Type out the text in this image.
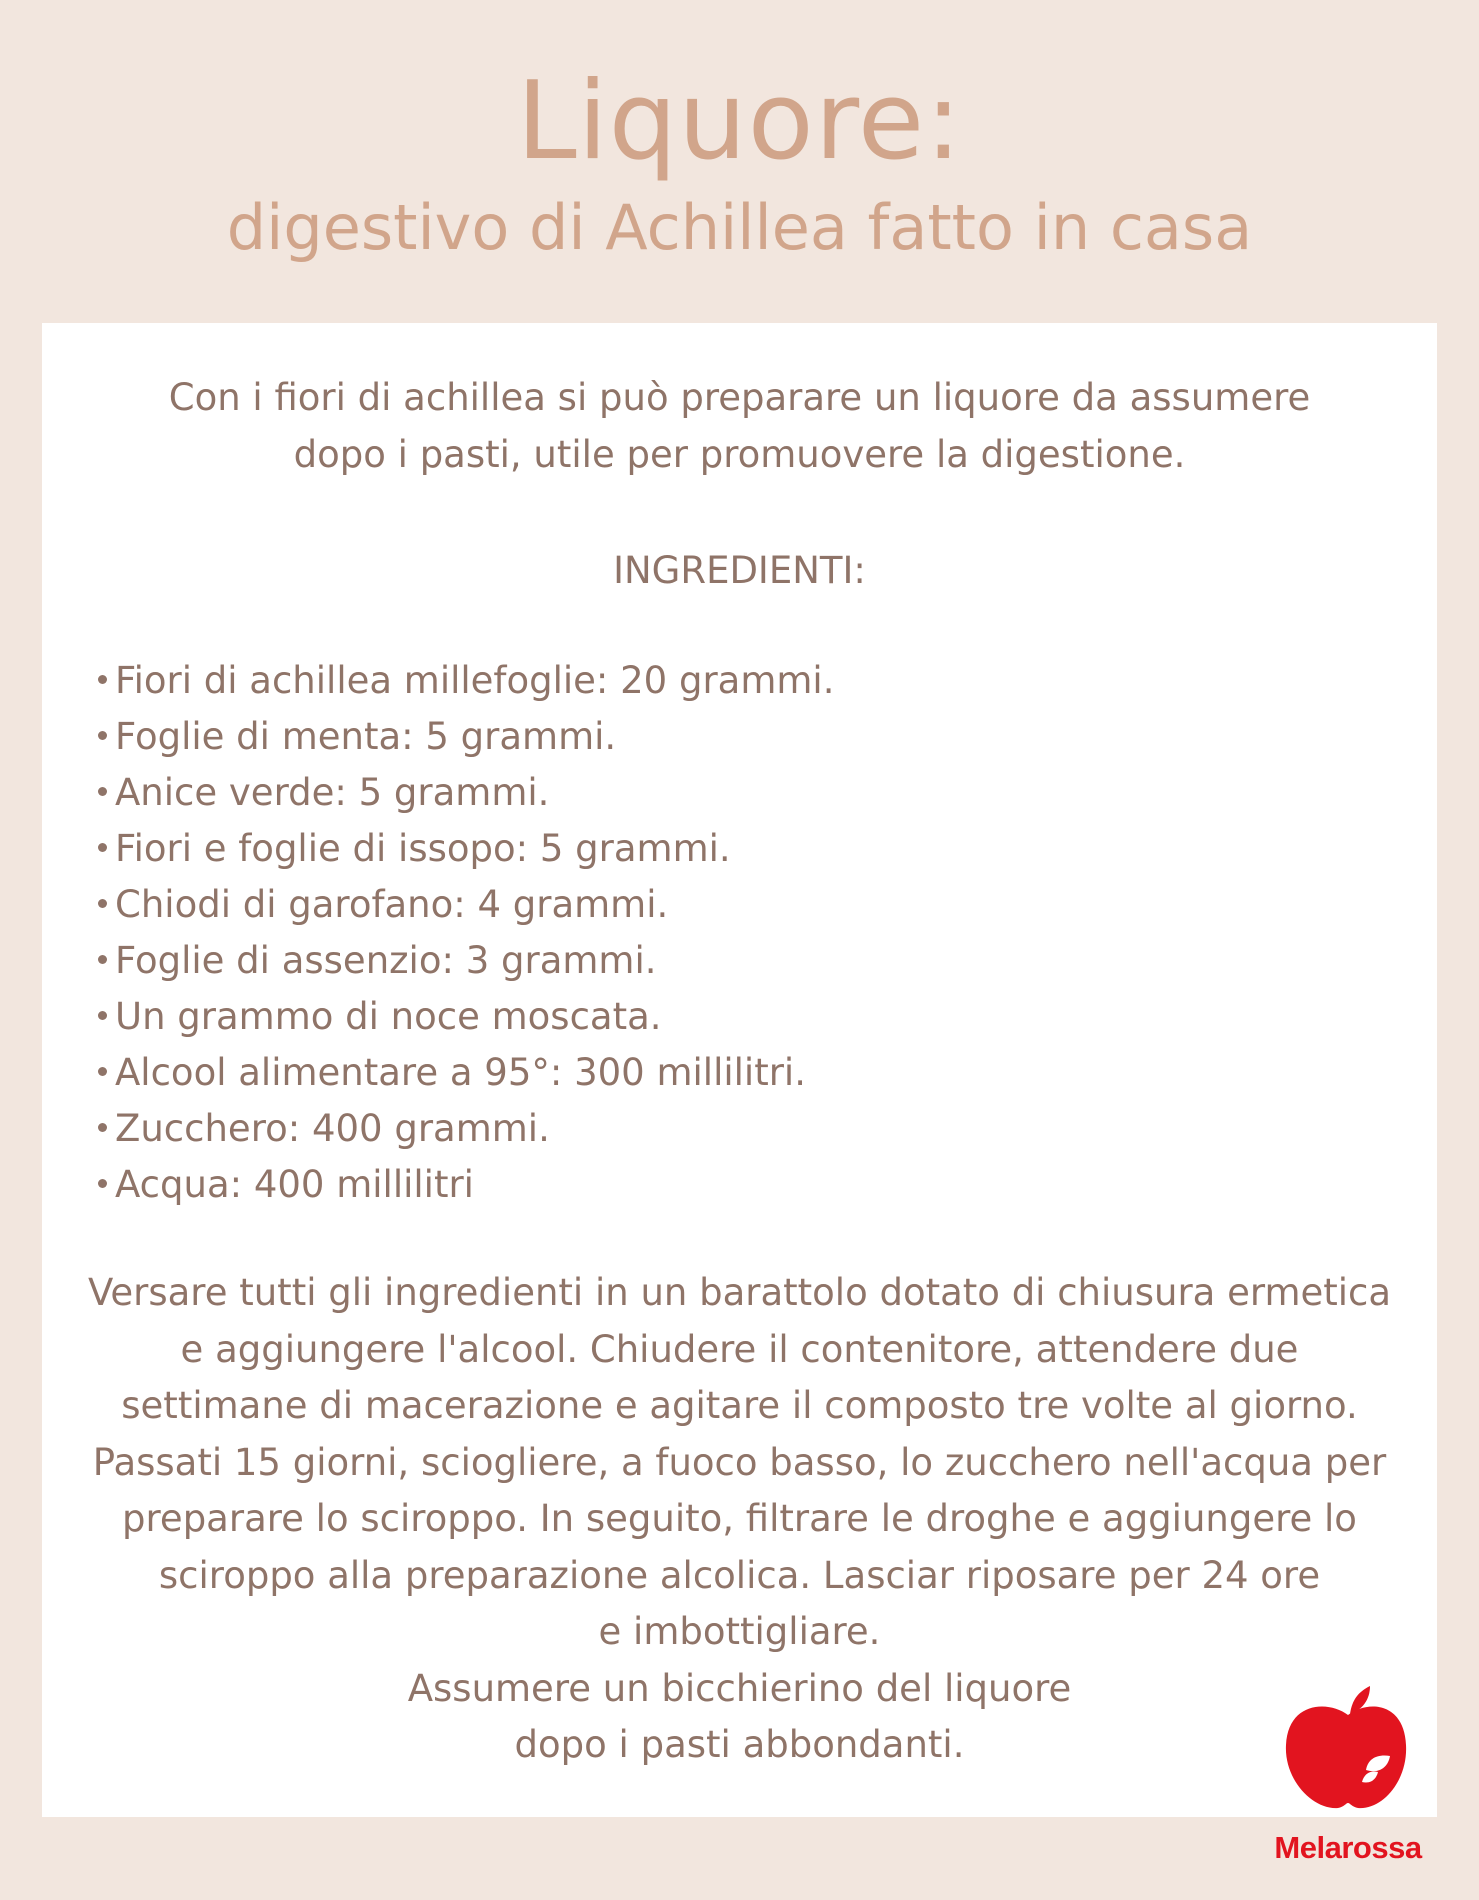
Liquore:
digestivo di Achillea fatto in casa
Con i fiori di achillea si può preparare un liquore da assumere dopo i pasti, utile per promuovere la digestione.
INGREDIENTI:
Fiori di achillea millefoglie: 20 grammi.
Foglie di menta: 5 grammi.
Anice verde: 5 grammi.
Fiori e foglie di issopo: 5 grammi.
Chiodi di garofano: 4 grammi.
Foglie di assenzio: 3 grammi.
Un grammo di noce moscata.
Alcool alimentare a 95°: 300 millilitri.
Zucchero: 400 grammi.
Acqua: 400 millilitri

Versare tutti gli ingredienti in un barattolo dotato di chiusura ermetica e aggiungere l'alcool. Chiudere il contenitore, attendere due settimane di macerazione e agitare il composto tre volte al giorno.

Passati 15 giorni, sciogliere, a fuoco basso, lo zucchero nell'acqua per preparare lo sciroppo. In seguito, filtrare le droghe e aggiungere lo sciroppo alla preparazione alcolica. Lasciar riposare per 24 ore

e imbottigliare.

Assumere un bicchierino del liquore

dopo i pasti abbondanti.

Melarossa
